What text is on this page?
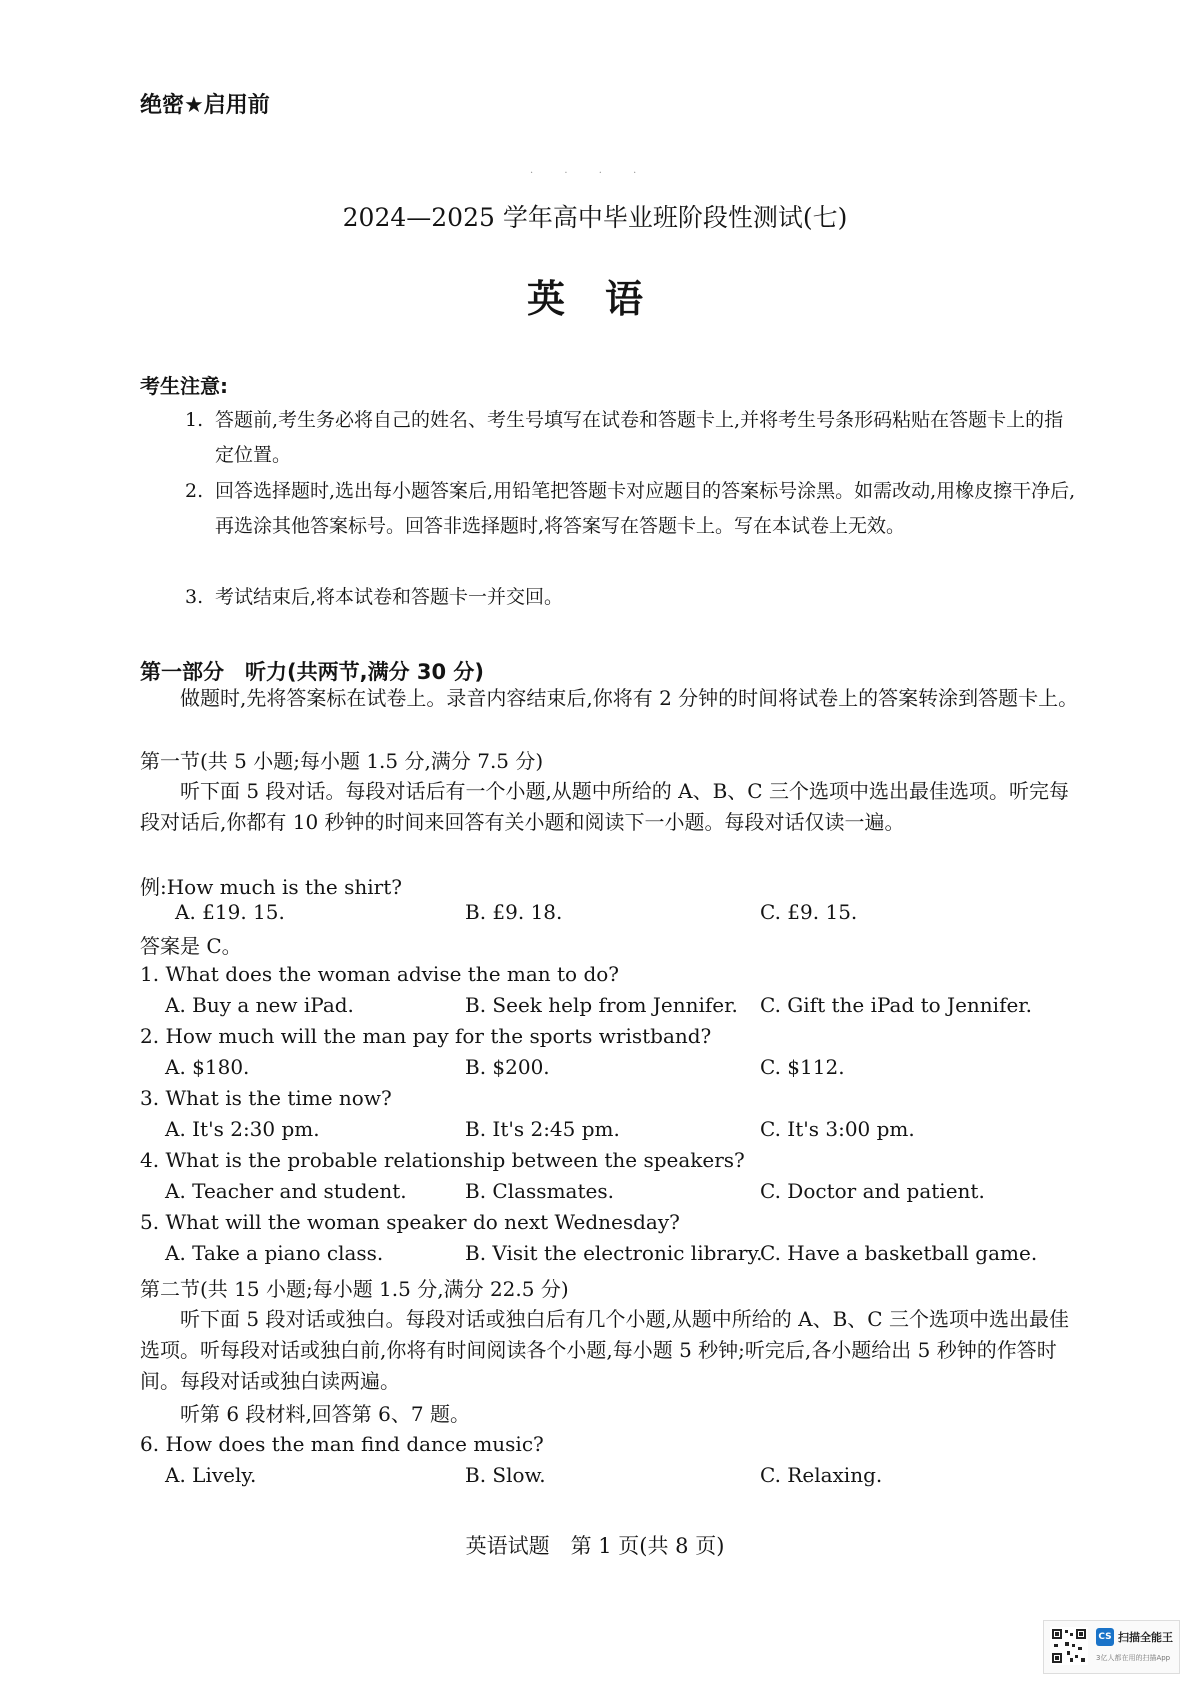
绝密★启用前
· · · ·
2024—2025 学年高中毕业班阶段性测试(七)
英语
考生注意:
1. 答题前,考生务必将自己的姓名、考生号填写在试卷和答题卡上,并将考生号条形码粘贴在答题卡上的指定位置。
2. 回答选择题时,选出每小题答案后,用铅笔把答题卡对应题目的答案标号涂黑。如需改动,用橡皮擦干净后,再选涂其他答案标号。回答非选择题时,将答案写在答题卡上。写在本试卷上无效。
3. 考试结束后,将本试卷和答题卡一并交回。
第一部分　听力(共两节,满分 30 分)
做题时,先将答案标在试卷上。录音内容结束后,你将有 2 分钟的时间将试卷上的答案转涂到答题卡上。
第一节(共 5 小题;每小题 1.5 分,满分 7.5 分)
听下面 5 段对话。每段对话后有一个小题,从题中所给的 A、B、C 三个选项中选出最佳选项。听完每段对话后,你都有 10 秒钟的时间来回答有关小题和阅读下一小题。每段对话仅读一遍。
例:How much is the shirt?
A. £19. 15.	B. £9. 18.	C. £9. 15.
答案是 C。
1. What does the woman advise the man to do?
A. Buy a new iPad.	B. Seek help from Jennifer. C. Gift the iPad to Jennifer.
2. How much will the man pay for the sports wristband?
A. $180.	B. $200.	C. $112.
3. What is the time now?
A. It's 2:30 pm.	B. It's 2:45 pm.	C. It's 3:00 pm.
4. What is the probable relationship between the speakers?
A. Teacher and student.	B. Classmates.	C. Doctor and patient.
5. What will the woman speaker do next Wednesday?
A. Take a piano class.	B. Visit the electronic library.
C. Have a basketball game.
第二节(共 15 小题;每小题 1.5 分,满分 22.5 分)
听下面 5 段对话或独白。每段对话或独白后有几个小题,从题中所给的 A、B、C 三个选项中选出最佳选项。听每段对话或独白前,你将有时间阅读各个小题,每小题 5 秒钟;听完后,各小题给出 5 秒钟的作答时间。每段对话或独白读两遍。
听第 6 段材料,回答第 6、7 题。
6. How does the man find dance music?
A. Lively.	B. Slow.	C. Relaxing.
英语试题　第 1 页(共 8 页)
CS 扫描全能王
3亿人都在用的扫描App
